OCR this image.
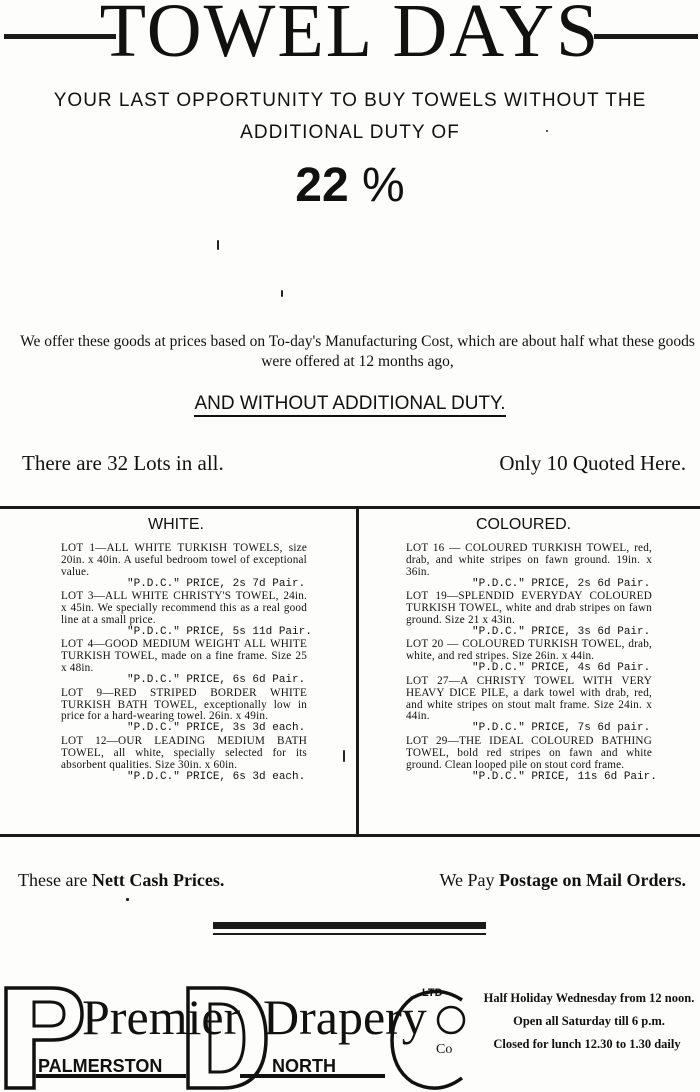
TOWEL DAYS
YOUR LAST OPPORTUNITY TO BUY TOWELS WITHOUT THE
ADDITIONAL DUTY OF
22 %
We offer these goods at prices based on To-day's Manufacturing Cost, which are about half what these goods were offered at 12 months ago,
AND WITHOUT ADDITIONAL DUTY.
There are 32 Lots in all.	Only 10 Quoted Here.
WHITE.	COLOURED.

LOT 1—ALL WHITE TURKISH TOWELS, size 20in. x 40in. A useful bedroom towel of exceptional value.

"P.D.C." PRICE, 2s 7d Pair.

LOT 3—ALL WHITE CHRISTY'S TOWEL, 24in. x 45in. We specially recommend this as a real good line at a small price.

"P.D.C." PRICE, 5s 11d Pair.

LOT 4—GOOD MEDIUM WEIGHT ALL WHITE TURKISH TOWEL, made on a fine frame. Size 25 x 48in.

"P.D.C." PRICE, 6s 6d Pair.

LOT 9—RED STRIPED BORDER WHITE TURKISH BATH TOWEL, exceptionally low in price for a hard-wearing towel. 26in. x 49in.

"P.D.C." PRICE, 3s 3d each.

LOT 12—OUR LEADING MEDIUM BATH TOWEL, all white, specially selected for its absorbent qualities. Size 30in. x 60in.

"P.D.C." PRICE, 6s 3d each.

LOT 16 — COLOURED TURKISH TOWEL, red, drab, and white stripes on fawn ground. 19in. x 36in.

"P.D.C." PRICE, 2s 6d Pair.

LOT 19—SPLENDID EVERYDAY COLOURED TURKISH TOWEL, white and drab stripes on fawn ground. Size 21 x 43in.

"P.D.C." PRICE, 3s 6d Pair.

LOT 20 — COLOURED TURKISH TOWEL, drab, white, and red stripes. Size 26in. x 44in.

"P.D.C." PRICE, 4s 6d Pair.

LOT 27—A CHRISTY TOWEL WITH VERY HEAVY DICE PILE, a dark towel with drab, red, and white stripes on stout malt frame. Size 24in. x 44in.

"P.D.C." PRICE, 7s 6d pair.

LOT 29—THE IDEAL COLOURED BATHING TOWEL, bold red stripes on fawn and white ground. Clean looped pile on stout cord frame.

"P.D.C." PRICE, 11s 6d Pair.
These are Nett Cash Prices.	We Pay Postage on Mail Orders.
Premier Drapery
LTD
Co
PALMERSTON	NORTH
Half Holiday Wednesday from 12 noon.
Open all Saturday till 6 p.m.
Closed for lunch 12.30 to 1.30 daily
